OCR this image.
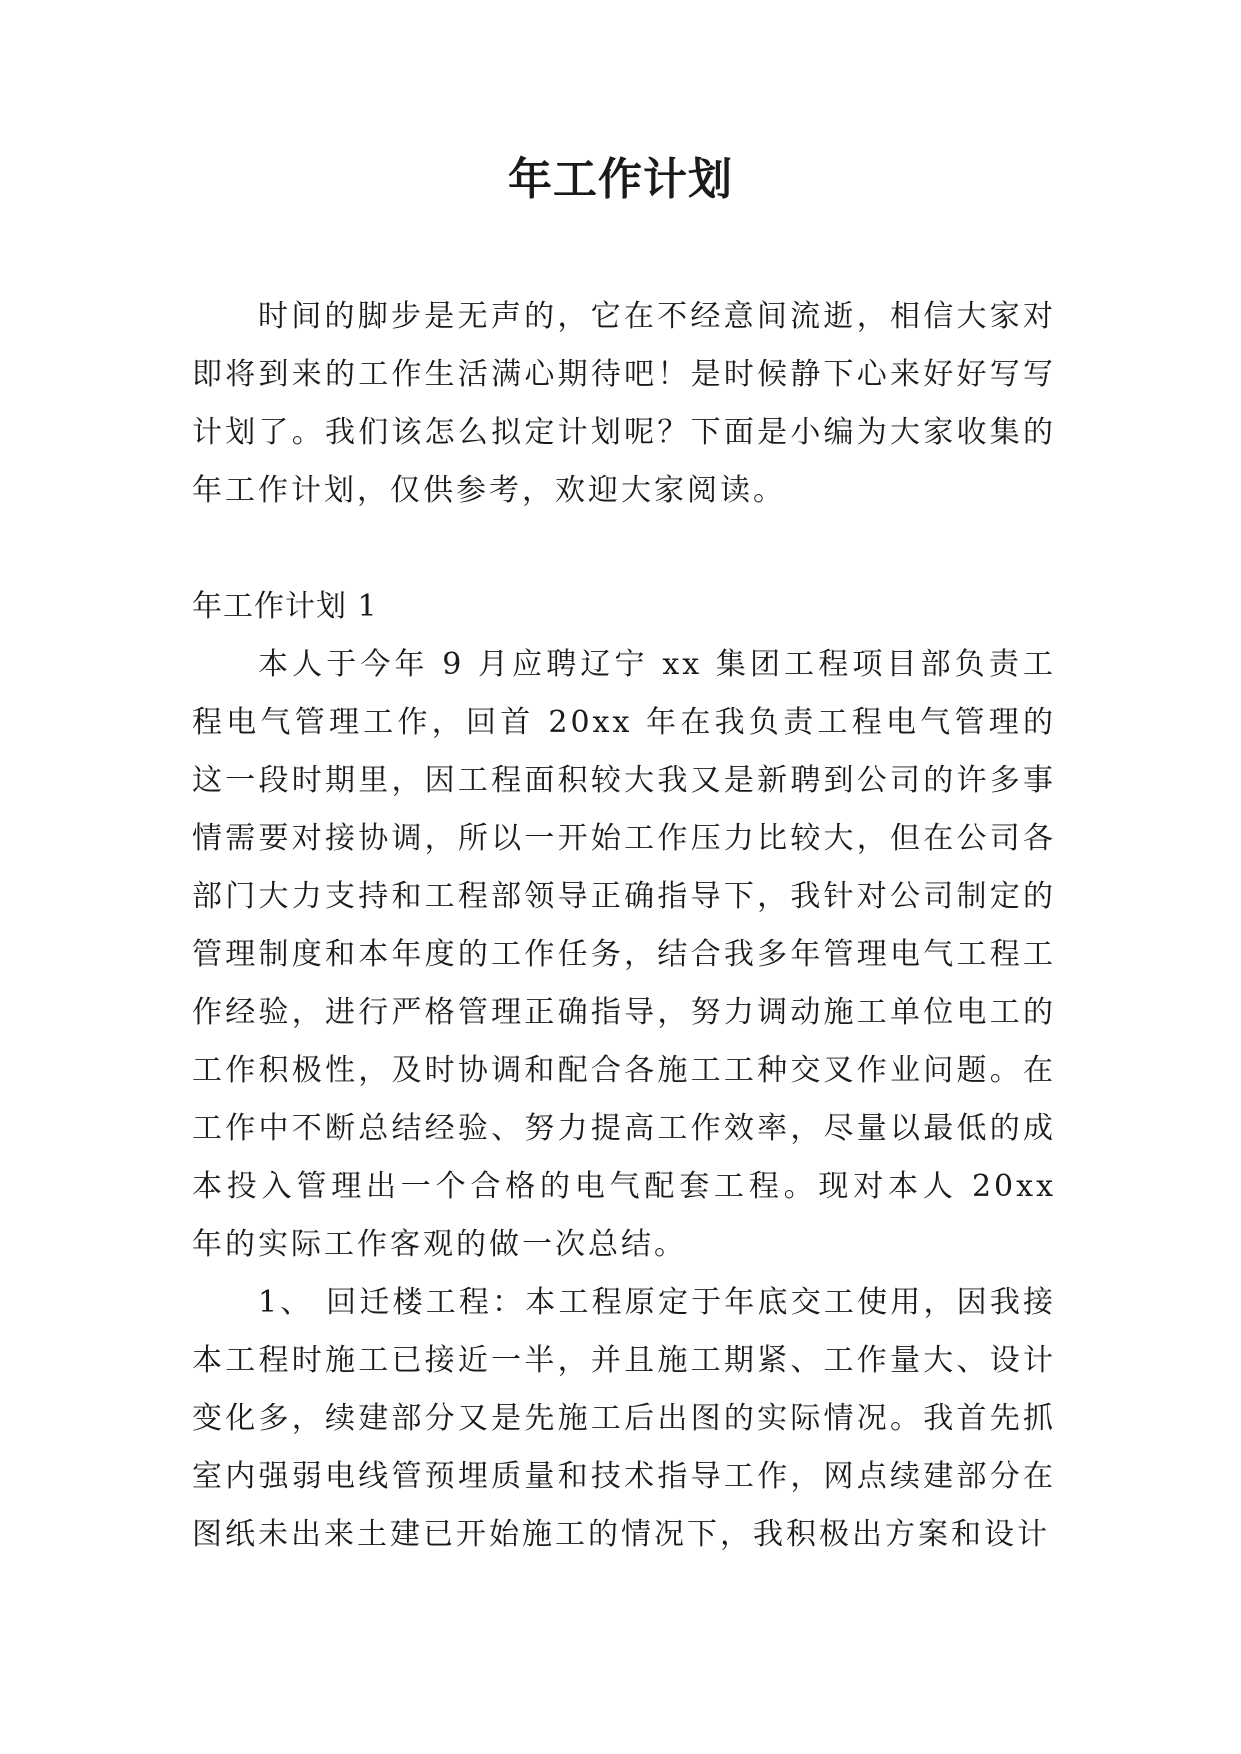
年工作计划

时间的脚步是无声的，它在不经意间流逝，相信大家对即将到来的工作生活满心期待吧！是时候静下心来好好写写计划了。我们该怎么拟定计划呢？下面是小编为大家收集的年工作计划，仅供参考，欢迎大家阅读。

年工作计划 1

本人于今年 9 月应聘辽宁 xx 集团工程项目部负责工程电气管理工作，回首 20xx 年在我负责工程电气管理的这一段时期里，因工程面积较大我又是新聘到公司的许多事情需要对接协调，所以一开始工作压力比较大，但在公司各部门大力支持和工程部领导正确指导下，我针对公司制定的管理制度和本年度的工作任务，结合我多年管理电气工程工作经验，进行严格管理正确指导，努力调动施工单位电工的工作积极性，及时协调和配合各施工工种交叉作业问题。在工作中不断总结经验、努力提高工作效率，尽量以最低的成本投入管理出一个合格的电气配套工程。现对本人 20xx 年的实际工作客观的做一次总结。

1、 回迁楼工程：本工程原定于年底交工使用，因我接本工程时施工已接近一半，并且施工期紧、工作量大、设计变化多，续建部分又是先施工后出图的实际情况。我首先抓室内强弱电线管预埋质量和技术指导工作，网点续建部分在图纸未出来土建已开始施工的情况下，我积极出方案和设计
